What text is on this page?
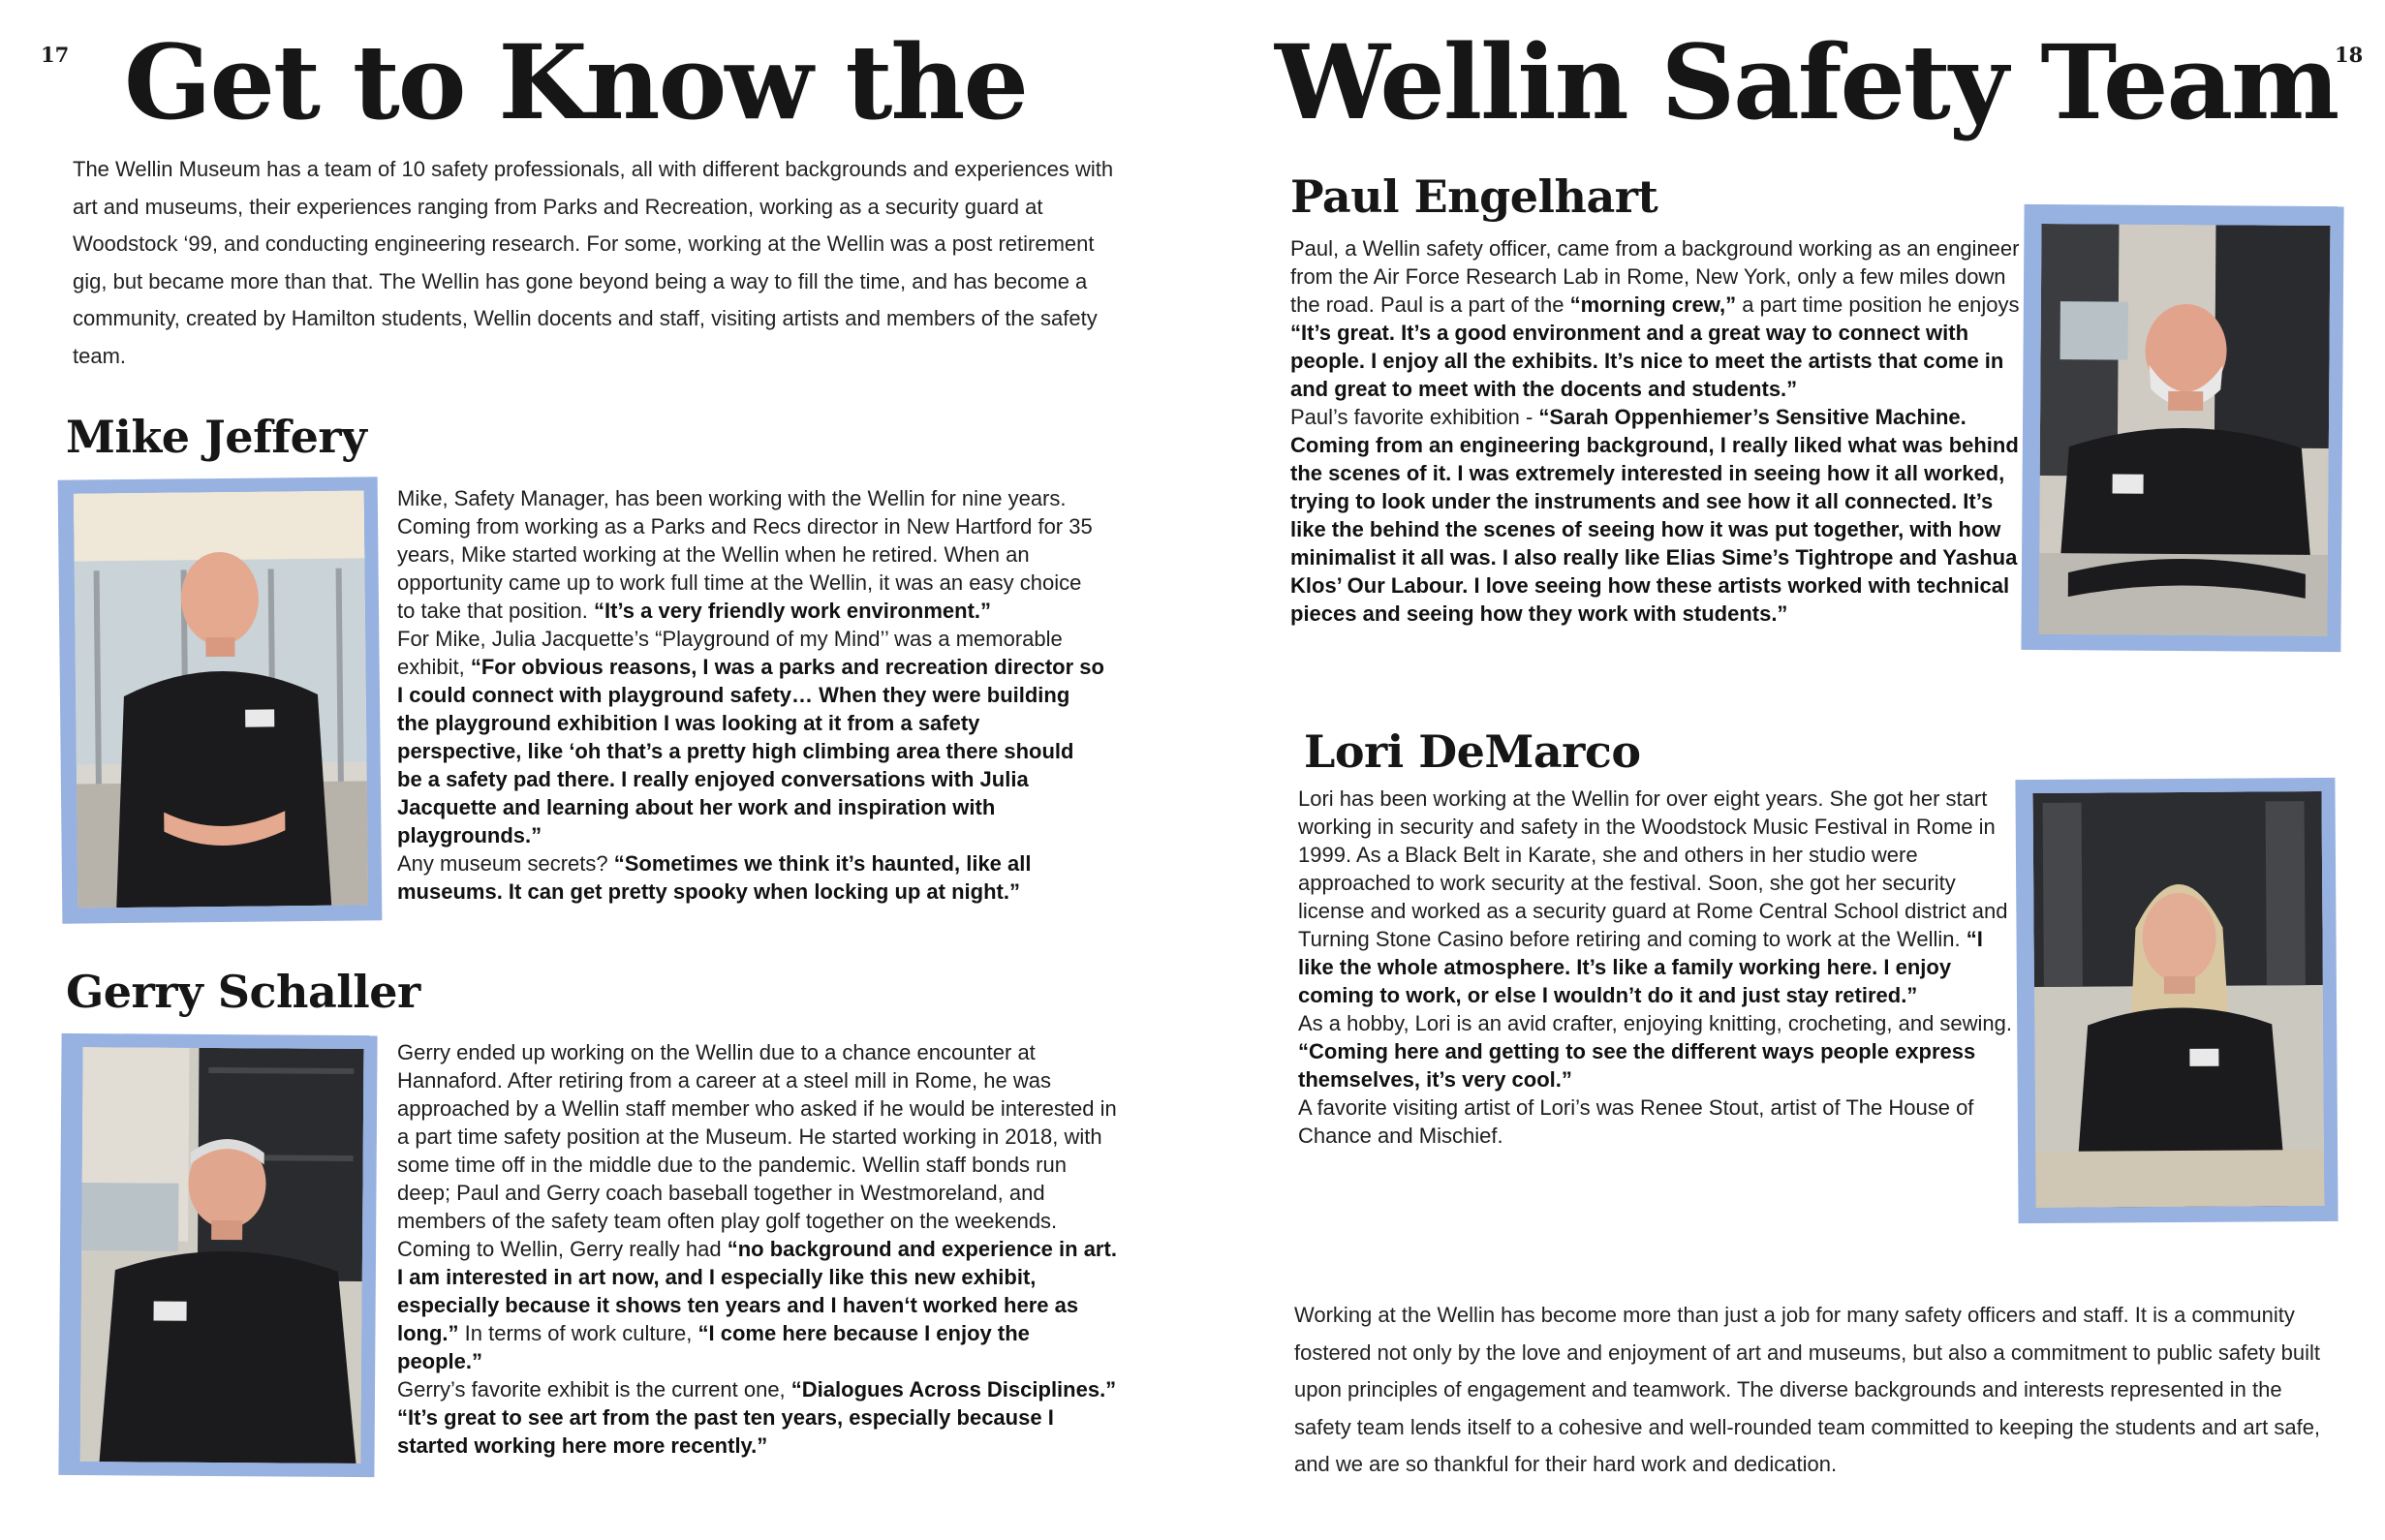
17	18
Get to Know the Wellin Safety Team
The Wellin Museum has a team of 10 safety professionals, all with different backgrounds and experiences with art and museums, their experiences ranging from Parks and Recreation, working as a security guard at Woodstock ‘99, and conducting engineering research. For some, working at the Wellin was a post retirement gig, but became more than that. The Wellin has gone beyond being a way to fill the time, and has become a community, created by Hamilton students, Wellin docents and staff, visiting artists and members of the safety team.
Mike Jeffery

Mike, Safety Manager, has been working with the Wellin for nine years. Coming from working as a Parks and Recs director in New Hartford for 35 years, Mike started working at the Wellin when he retired. When an opportunity came up to work full time at the Wellin, it was an easy choice to take that position. “It’s a very friendly work environment.”

For Mike, Julia Jacquette’s “Playground of my Mind’’ was a memorable exhibit, “For obvious reasons, I was a parks and recreation director so I could connect with playground safety… When they were building the playground exhibition I was looking at it from a safety perspective, like ‘oh that’s a pretty high climbing area there should be a safety pad there. I really enjoyed conversations with Julia Jacquette and learning about her work and inspiration with playgrounds.”

Any museum secrets? “Sometimes we think it’s haunted, like all museums. It can get pretty spooky when locking up at night.”

Gerry Schaller

Gerry ended up working on the Wellin due to a chance encounter at Hannaford. After retiring from a career at a steel mill in Rome, he was approached by a Wellin staff member who asked if he would be interested in a part time safety position at the Museum. He started working in 2018, with some time off in the middle due to the pandemic. Wellin staff bonds run deep; Paul and Gerry coach baseball together in Westmoreland, and members of the safety team often play golf together on the weekends.

Coming to Wellin, Gerry really had “no background and experience in art. I am interested in art now, and I especially like this new exhibit, especially because it shows ten years and I haven‘t worked here as long.” In terms of work culture, “I come here because I enjoy the people.”

Gerry’s favorite exhibit is the current one, “Dialogues Across Disciplines.” “It’s great to see art from the past ten years, especially because I started working here more recently.”

Paul Engelhart

Paul, a Wellin safety officer, came from a background working as an engineer from the Air Force Research Lab in Rome, New York, only a few miles down the road. Paul is a part of the “morning crew,” a part time position he enjoys “It’s great. It’s a good environment and a great way to connect with people. I enjoy all the exhibits. It’s nice to meet the artists that come in and great to meet with the docents and students.”

Paul’s favorite exhibition - “Sarah Oppenhiemer’s Sensitive Machine. Coming from an engineering background, I really liked what was behind the scenes of it. I was extremely interested in seeing how it all worked, trying to look under the instruments and see how it all connected. It’s like the behind the scenes of seeing how it was put together, with how minimalist it all was. I also really like Elias Sime’s Tightrope and Yashua Klos’ Our Labour. I love seeing how these artists worked with technical pieces and seeing how they work with students.”

Lori DeMarco

Lori has been working at the Wellin for over eight years. She got her start working in security and safety in the Woodstock Music Festival in Rome in 1999. As a Black Belt in Karate, she and others in her studio were approached to work security at the festival. Soon, she got her security license and worked as a security guard at Rome Central School district and Turning Stone Casino before retiring and coming to work at the Wellin. “I like the whole atmosphere. It’s like a family working here. I enjoy coming to work, or else I wouldn’t do it and just stay retired.”

As a hobby, Lori is an avid crafter, enjoying knitting, crocheting, and sewing. “Coming here and getting to see the different ways people express themselves, it’s very cool.”

A favorite visiting artist of Lori’s was Renee Stout, artist of The House of Chance and Mischief.

Working at the Wellin has become more than just a job for many safety officers and staff. It is a community fostered not only by the love and enjoyment of art and museums, but also a commitment to public safety built upon principles of engagement and teamwork. The diverse backgrounds and interests represented in the safety team lends itself to a cohesive and well-rounded team committed to keeping the students and art safe, and we are so thankful for their hard work and dedication.
